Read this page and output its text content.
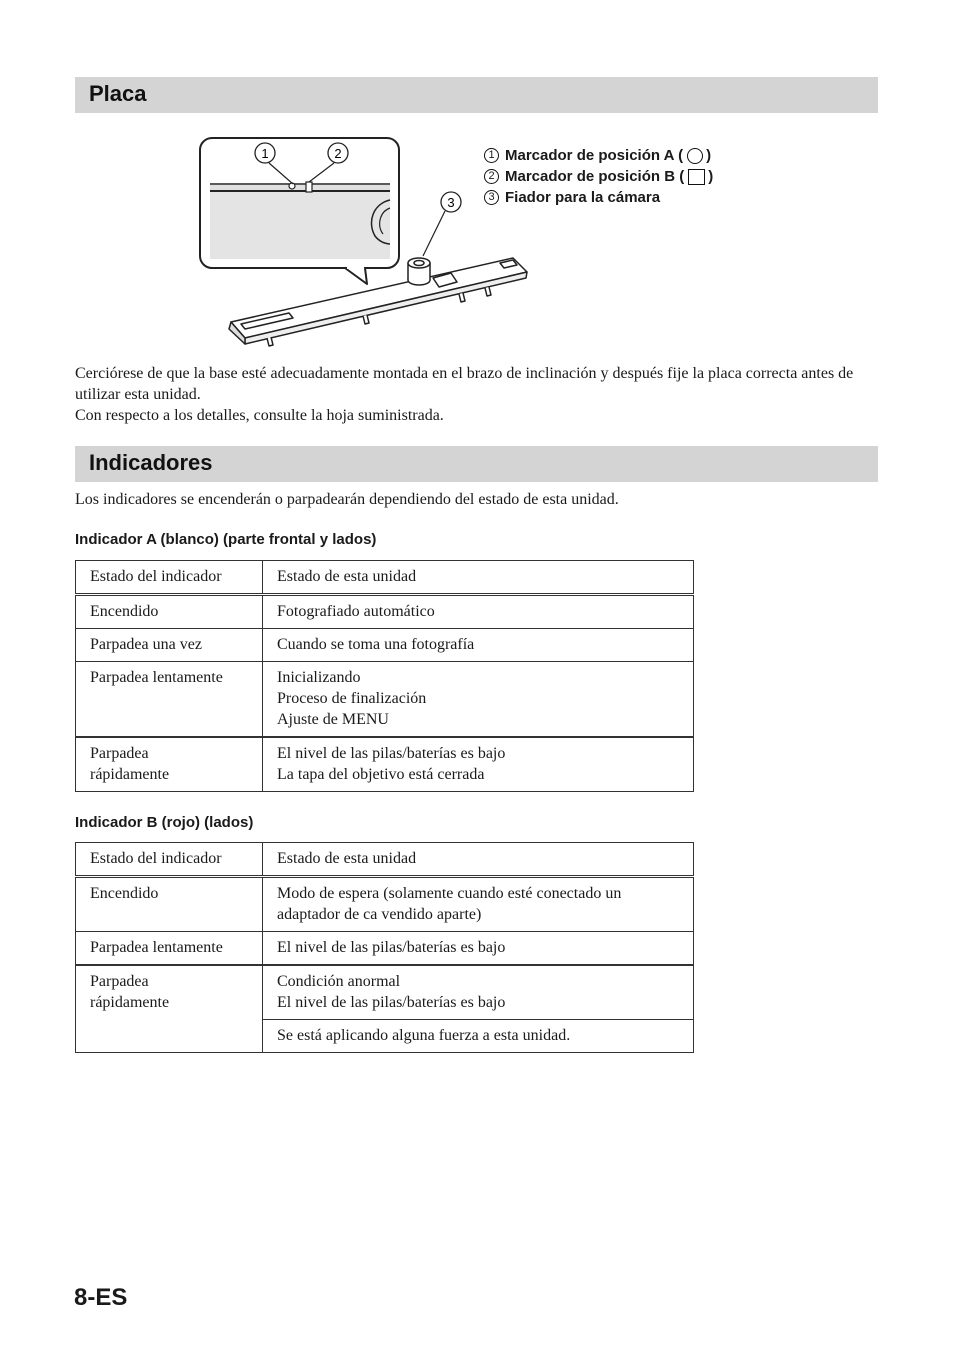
Placa
1	2
3
1 Marcador de posición A ( )
2 Marcador de posición B ( )
3 Fiador para la cámara

Cerciórese de que la base esté adecuadamente montada en el brazo de inclinación y después fije la placa correcta antes de utilizar esta unidad.

Con respecto a los detalles, consulte la hoja suministrada.

Indicadores

Los indicadores se encenderán o parpadearán dependiendo del estado de esta unidad.

Indicador A (blanco) (parte frontal y lados)

Estado del indicador	Estado de esta unidad
Encendido	Fotografiado automático
Parpadea una vez	Cuando se toma una fotografía
Parpadea lentamente	Inicializando
Proceso de finalización
Ajuste de MENU

Parpadea
rápidamente	El nivel de las pilas/baterías es bajo
La tapa del objetivo está cerrada

Indicador B (rojo) (lados)

Estado del indicador	Estado de esta unidad
Encendido	Modo de espera (solamente cuando esté conectado un
adaptador de ca vendido aparte)

Parpadea lentamente	El nivel de las pilas/baterías es bajo

Parpadea
rápidamente	Condición anormal
El nivel de las pilas/baterías es bajo

	Se está aplicando alguna fuerza a esta unidad.

8-ES
